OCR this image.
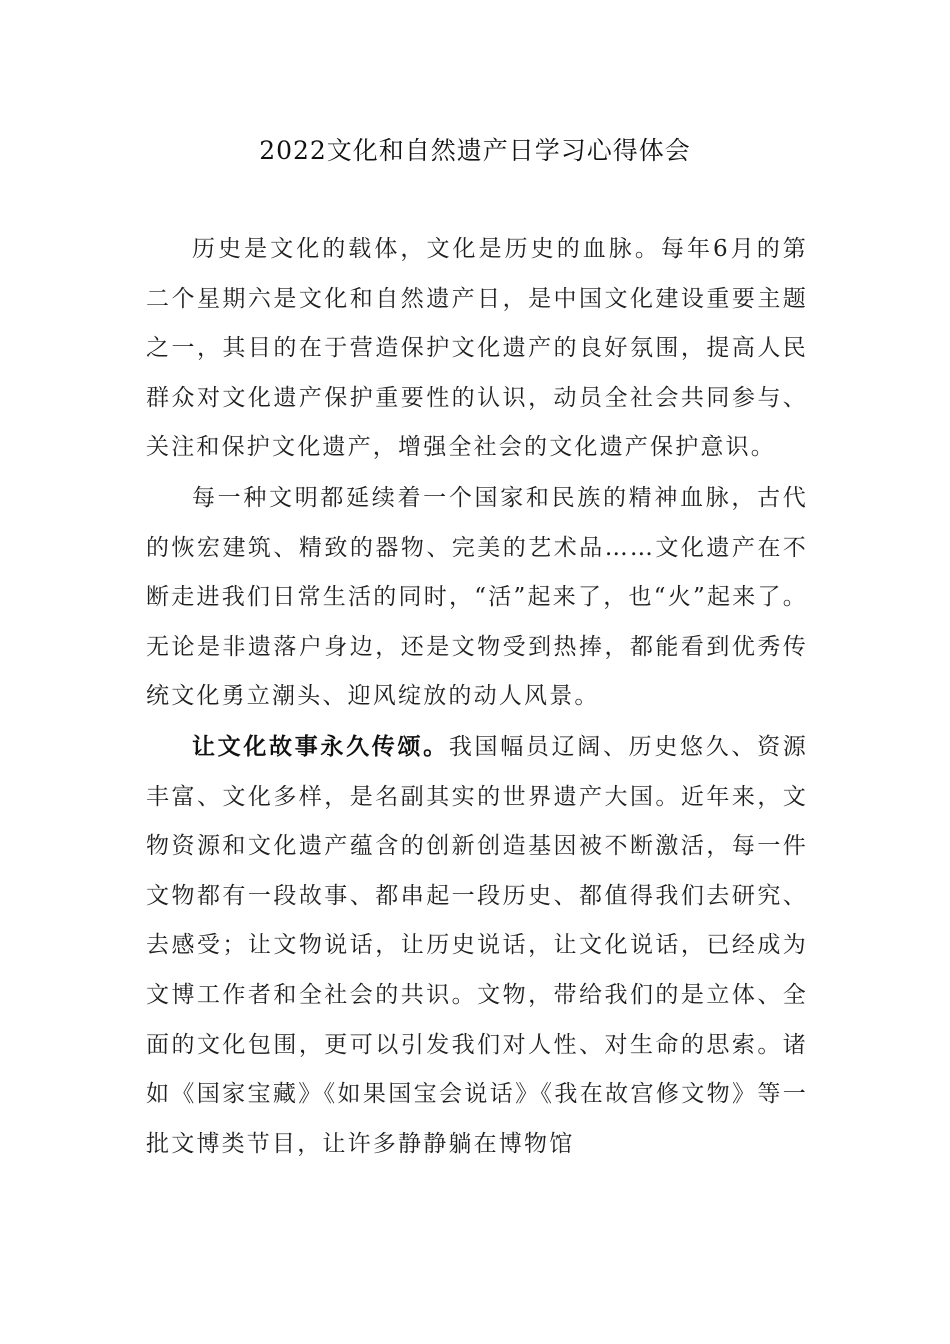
2022文化和自然遗产日学习心得体会

历史是文化的载体，文化是历史的血脉。每年6月的第二个星期六是文化和自然遗产日，是中国文化建设重要主题之一，其目的在于营造保护文化遗产的良好氛围，提高人民群众对文化遗产保护重要性的认识，动员全社会共同参与、关注和保护文化遗产，增强全社会的文化遗产保护意识。

每一种文明都延续着一个国家和民族的精神血脉，古代的恢宏建筑、精致的器物、完美的艺术品……文化遗产在不断走进我们日常生活的同时，“活”起来了，也“火”起来了。无论是非遗落户身边，还是文物受到热捧，都能看到优秀传统文化勇立潮头、迎风绽放的动人风景。

让文化故事永久传颂。我国幅员辽阔、历史悠久、资源丰富、文化多样，是名副其实的世界遗产大国。近年来，文物资源和文化遗产蕴含的创新创造基因被不断激活，每一件文物都有一段故事、都串起一段历史、都值得我们去研究、去感受；让文物说话，让历史说话，让文化说话，已经成为文博工作者和全社会的共识。文物，带给我们的是立体、全面的文化包围，更可以引发我们对人性、对生命的思索。诸如《国家宝藏》《如果国宝会说话》《我在故宫修文物》等一批文博类节目，让许多静静躺在博物馆
